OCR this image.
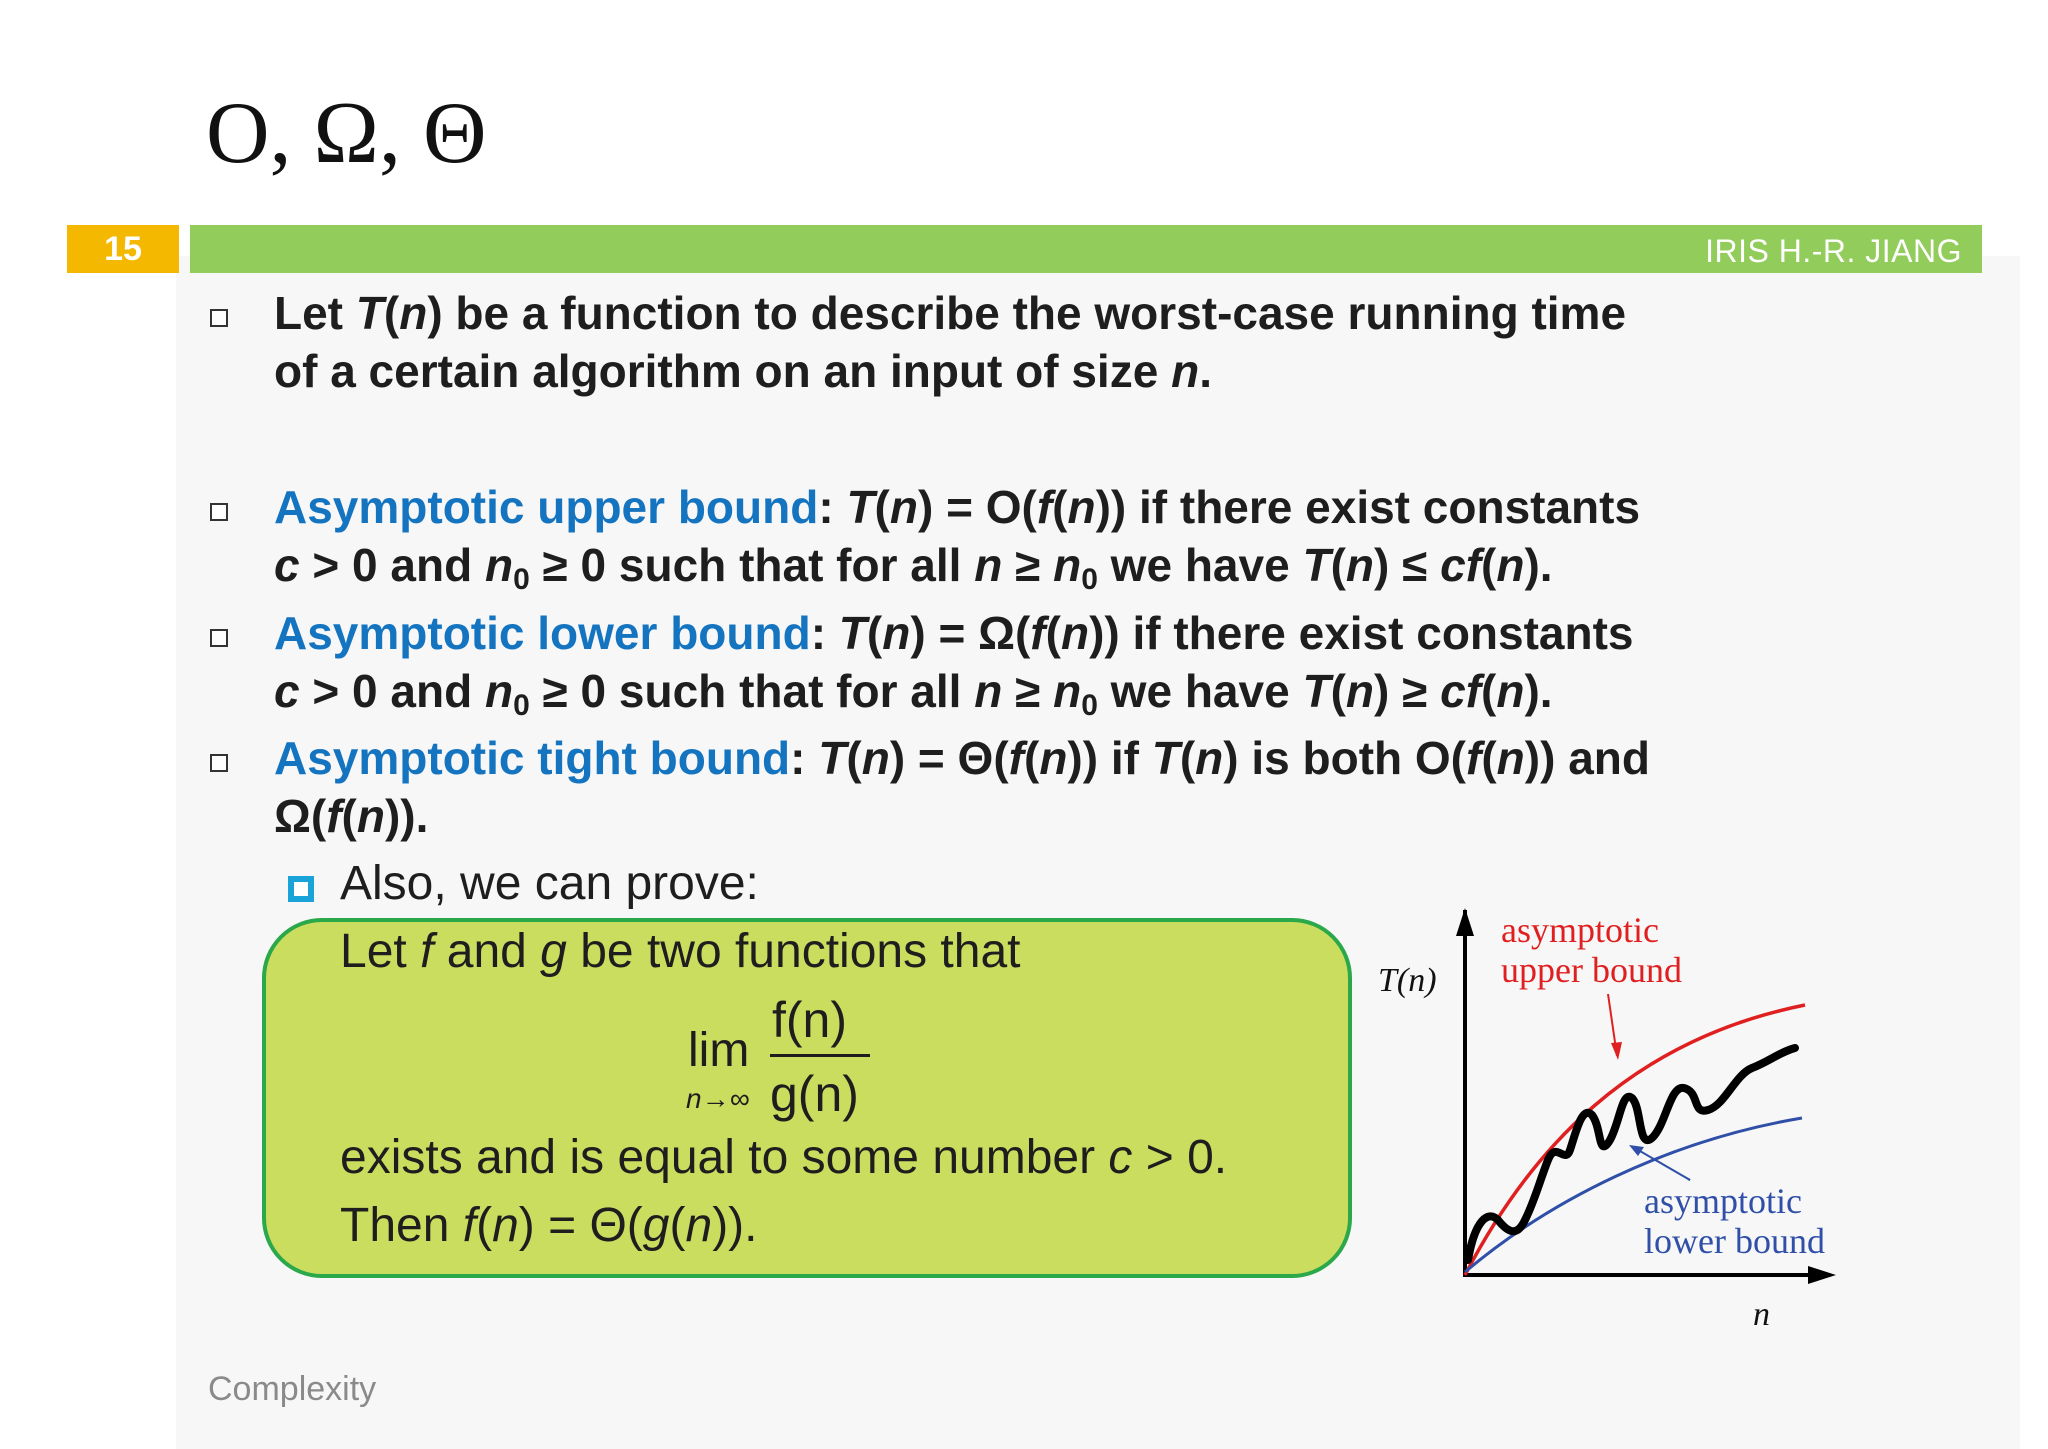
O, Ω, Θ
15	IRIS H.-R. JIANG
Let T(n) be a function to describe the worst-case running time
of a certain algorithm on an input of size n.
Asymptotic upper bound: T(n) = O(f(n)) if there exist constants
c > 0 and $n_0 \ge 0$ such that for all $n \ge n_0$ we have T(n) ≤ cf(n).
Asymptotic lower bound: T(n) = Ω(f(n)) if there exist constants
c > 0 and $n_0 \ge 0$ such that for all $n \ge n_0$ we have T(n) ≥ cf(n).
Asymptotic tight bound: T(n) = Θ(f(n)) if T(n) is both O(f(n)) and
Ω(f(n)).
Also, we can prove:
Let f and g be two functions that
lim
n→∞
f(n)
g(n)
exists and is equal to some number c > 0.
Then f(n) = Θ(g(n)).
T(n)
n
asymptotic
upper bound
asymptotic
lower bound
Complexity
